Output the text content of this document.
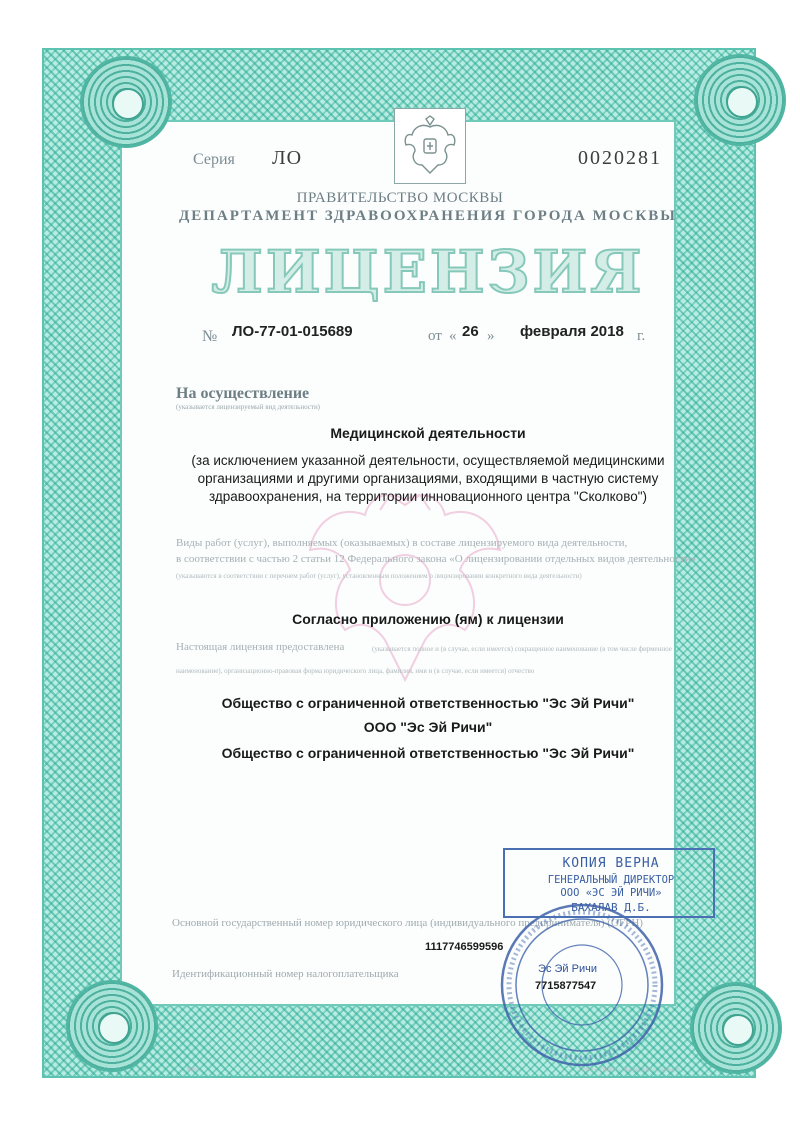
Серия ЛО	0020281
ПРАВИТЕЛЬСТВО МОСКВЫ
ДЕПАРТАМЕНТ ЗДРАВООХРАНЕНИЯ ГОРОДА МОСКВЫ
ЛИЦЕНЗИЯ
№ ЛО-77-01-015689	от « 26 » февраля 2018 г.
На осуществление
(указывается лицензируемый вид деятельности)
Медицинской деятельности
(за исключением указанной деятельности, осуществляемой медицинскими организациями и другими организациями, входящими в частную систему здравоохранения, на территории инновационного центра "Сколково")
Виды работ (услуг), выполняемых (оказываемых) в составе лицензируемого вида деятельности,
в соответствии с частью 2 статьи 12 Федерального закона «О лицензировании отдельных видов деятельности»
(указываются в соответствии с перечнем работ (услуг), установленным положением о лицензировании конкретного вида деятельности)
Согласно приложению (ям) к лицензии
Настоящая лицензия предоставлена	(указывается полное и (в случае, если имеется) сокращенное наименование (в том числе фирменное
наименование), организационно-правовая форма юридического лица, фамилия, имя и (в случае, если имеется) отчество
Общество с ограниченной ответственностью "Эс Эй Ричи"
ООО "Эс Эй Ричи"
Общество с ограниченной ответственностью "Эс Эй Ричи"
Основной государственный номер юридического лица (индивидуального предпринимателя) (ОГРН)
1117746599596
Идентификационный номер налогоплательщика	Эс Эй Ричи
7715877547
КОПИЯ ВЕРНА
ГЕНЕРАЛЬНЫЙ ДИРЕКТОР
ООО «ЭС ЭЙ РИЧИ»
БАХАЛАВ Д.Б.
АНИК	ООО «ОПЦИОН», Москва, 2018 г., уровень А
